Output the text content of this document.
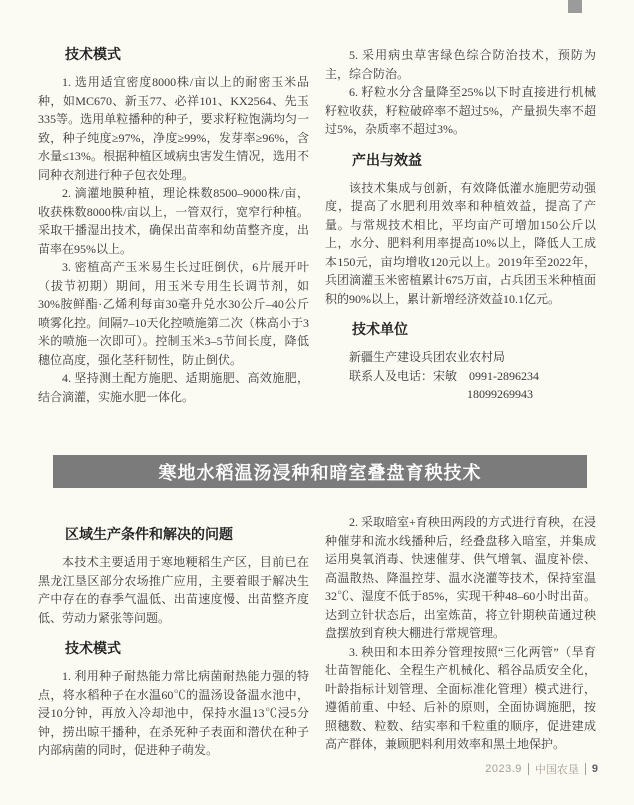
技术模式

1. 选用适宜密度8000株/亩以上的耐密玉米品种，如MC670、新玉77、必祥101、KX2564、先玉335等。选用单粒播种的种子，要求籽粒饱满均匀一致，种子纯度≥97%，净度≥99%，发芽率≥96%，含水量≤13%。根据种植区域病虫害发生情况，选用不同种衣剂进行种子包衣处理。

2. 滴灌地膜种植，理论株数8500–9000株/亩，收获株数8000株/亩以上，一管双行，宽窄行种植。采取干播湿出技术，确保出苗率和幼苗整齐度，出苗率在95%以上。

3. 密植高产玉米易生长过旺倒伏，6片展开叶（拔节初期）期间，用玉米专用生长调节剂，如30%胺鲜酯·乙烯利每亩30毫升兑水30公斤–40公斤喷雾化控。间隔7–10天化控喷施第二次（株高小于3米的喷施一次即可）。控制玉米3–5节间长度，降低穗位高度，强化茎秆韧性，防止倒伏。

4. 坚持测土配方施肥、适期施肥、高效施肥，结合滴灌，实施水肥一体化。

5. 采用病虫草害绿色综合防治技术，预防为主，综合防治。

6. 籽粒水分含量降至25%以下时直接进行机械籽粒收获，籽粒破碎率不超过5%，产量损失率不超过5%，杂质率不超过3%。

产出与效益

该技术集成与创新，有效降低灌水施肥劳动强度，提高了水肥利用效率和种植效益，提高了产量。与常规技术相比，平均亩产可增加150公斤以上，水分、肥料利用率提高10%以上，降低人工成本150元，亩均增收120元以上。2019年至2022年，兵团滴灌玉米密植累计675万亩，占兵团玉米种植面积的90%以上，累计新增经济效益10.1亿元。

技术单位

新疆生产建设兵团农业农村局

联系人及电话：宋敏　0991-2896234

18099269943

寒地水稻温汤浸种和暗室叠盘育秧技术
区域生产条件和解决的问题

本技术主要适用于寒地粳稻生产区，目前已在黑龙江垦区部分农场推广应用，主要着眼于解决生产中存在的春季气温低、出苗速度慢、出苗整齐度低、劳动力紧张等问题。

技术模式

1. 利用种子耐热能力常比病菌耐热能力强的特点，将水稻种子在水温60℃的温汤设备温水池中，浸10分钟，再放入冷却池中，保持水温13℃浸5分钟，捞出晾干播种，在杀死种子表面和潜伏在种子内部病菌的同时，促进种子萌发。

2. 采取暗室+育秧田两段的方式进行育秧，在浸种催芽和流水线播种后，经叠盘移入暗室，并集成运用臭氧消毒、快速催芽、供气增氧、温度补偿、高温散热、降温控芽、温水浇灌等技术，保持室温32℃、湿度不低于85%，实现干种48–60小时出苗。达到立针状态后，出室炼苗，将立针期秧苗通过秧盘摆放到育秧大棚进行常规管理。

3. 秧田和本田养分管理按照“三化两管”（旱育壮苗智能化、全程生产机械化、稻谷品质安全化，叶龄指标计划管理、全面标准化管理）模式进行，遵循前重、中轻、后补的原则，全面协调施肥，按照穗数、粒数、结实率和千粒重的顺序，促进建成高产群体，兼顾肥料利用效率和黑土地保护。

2023.9 中国农垦 9
